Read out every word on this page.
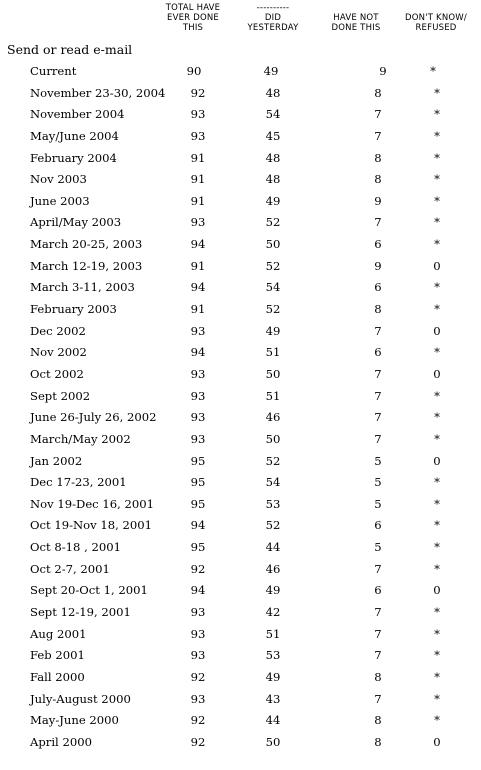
TOTAL HAVE
EVER DONE
THIS
----------
DID
YESTERDAY
HAVE NOT
DONE THIS
DON'T KNOW/
REFUSED
Send or read e-mail
Current	90	49	9	*
November 23-30, 2004	92	48	8	*
November 2004	93	54	7	*
May/June 2004	93	45	7	*
February 2004	91	48	8	*
Nov 2003	91	48	8	*
June 2003	91	49	9	*
April/May 2003	93	52	7	*
March 20-25, 2003	94	50	6	*
March 12-19, 2003	91	52	9	0
March 3-11, 2003	94	54	6	*
February 2003	91	52	8	*
Dec 2002	93	49	7	0
Nov 2002	94	51	6	*
Oct 2002	93	50	7	0
Sept 2002	93	51	7	*
June 26-July 26, 2002	93	46	7	*
March/May 2002	93	50	7	*
Jan 2002	95	52	5	0
Dec 17-23, 2001	95	54	5	*
Nov 19-Dec 16, 2001	95	53	5	*
Oct 19-Nov 18, 2001	94	52	6	*
Oct 8-18 , 2001	95	44	5	*
Oct 2-7, 2001	92	46	7	*
Sept 20-Oct 1, 2001	94	49	6	0
Sept 12-19, 2001	93	42	7	*
Aug 2001	93	51	7	*
Feb 2001	93	53	7	*
Fall 2000	92	49	8	*
July-August 2000	93	43	7	*
May-June 2000	92	44	8	*
April 2000	92	50	8	0
